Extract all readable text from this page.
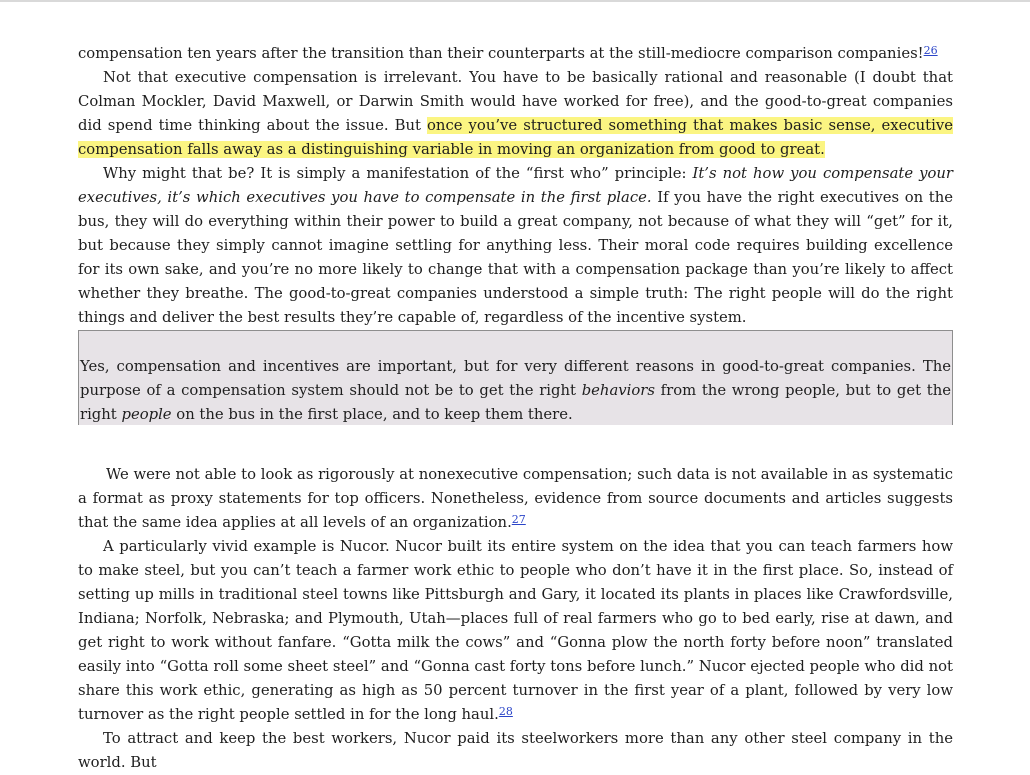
compensation ten years after the transition than their counterparts at the still-mediocre comparison companies!$^{26}$

Not that executive compensation is irrelevant. You have to be basically rational and reasonable (I doubt that Colman Mockler, David Maxwell, or Darwin Smith would have worked for free), and the good-to-great companies did spend time thinking about the issue. But once you’ve structured something that makes basic sense, executive compensation falls away as a distinguishing variable in moving an organization from good to great.

Why might that be? It is simply a manifestation of the “first who” principle: It’s not how you compensate your executives, it’s which executives you have to compensate in the first place. If you have the right executives on the bus, they will do everything within their power to build a great company, not because of what they will “get” for it, but because they simply cannot imagine settling for anything less. Their moral code requires building excellence for its own sake, and you’re no more likely to change that with a compensation package than you’re likely to affect whether they breathe. The good-to-great companies understood a simple truth: The right people will do the right things and deliver the best results they’re capable of, regardless of the incentive system.

Yes, compensation and incentives are important, but for very different reasons in good-to-great companies. The purpose of a compensation system should not be to get the right behaviors from the wrong people, but to get the right people on the bus in the first place, and to keep them there.

We were not able to look as rigorously at nonexecutive compensation; such data is not available in as systematic a format as proxy statements for top officers. Nonetheless, evidence from source documents and articles suggests that the same idea applies at all levels of an organization.$^{27}$

A particularly vivid example is Nucor. Nucor built its entire system on the idea that you can teach farmers how to make steel, but you can’t teach a farmer work ethic to people who don’t have it in the first place. So, instead of setting up mills in traditional steel towns like Pittsburgh and Gary, it located its plants in places like Crawfordsville, Indiana; Norfolk, Nebraska; and Plymouth, Utah—places full of real farmers who go to bed early, rise at dawn, and get right to work without fanfare. “Gotta milk the cows” and “Gonna plow the north forty before noon” translated easily into “Gotta roll some sheet steel” and “Gonna cast forty tons before lunch.” Nucor ejected people who did not share this work ethic, generating as high as 50 percent turnover in the first year of a plant, followed by very low turnover as the right people settled in for the long haul.$^{28}$

To attract and keep the best workers, Nucor paid its steelworkers more than any other steel company in the world. But
